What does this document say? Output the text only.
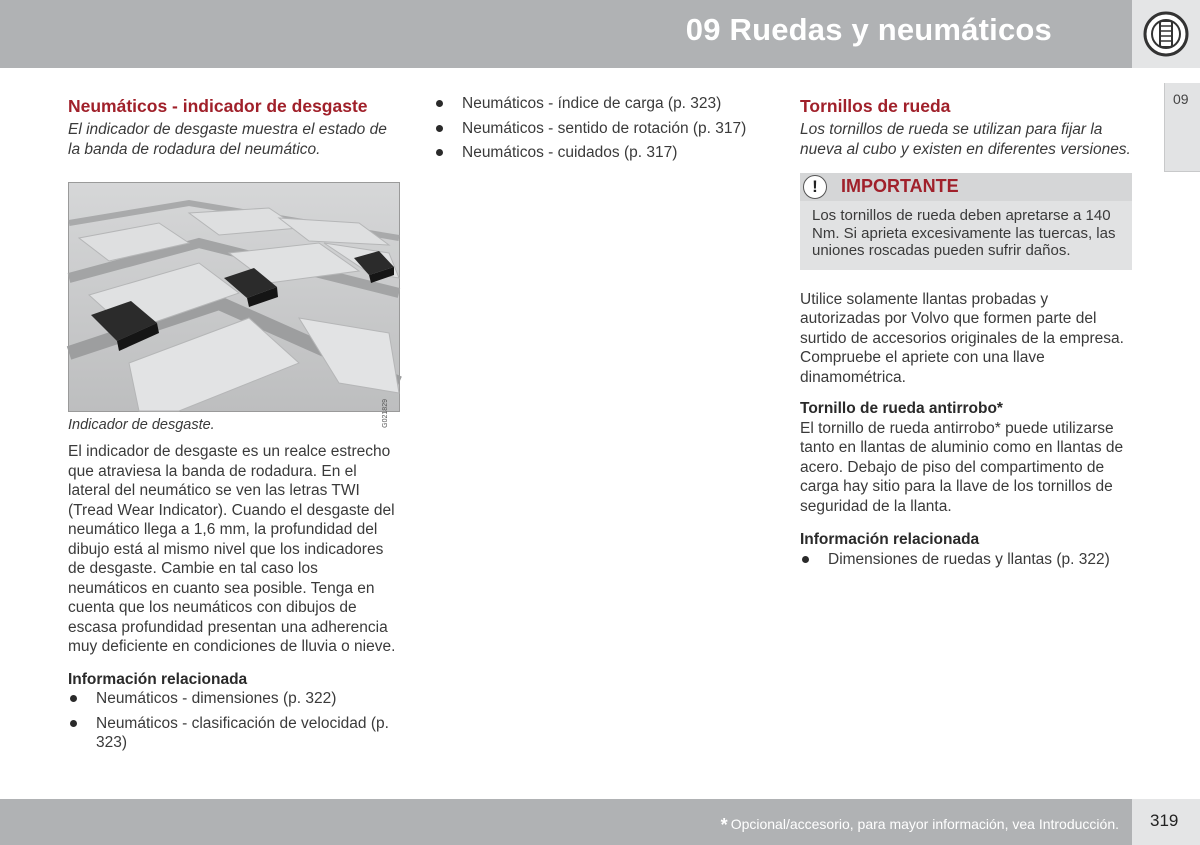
09 Ruedas y neumáticos
09
Neumáticos - indicador de desgaste

El indicador de desgaste muestra el estado de la banda de rodadura del neumático.

G021829

Indicador de desgaste.

El indicador de desgaste es un realce estrecho que atraviesa la banda de rodadura. En el lateral del neumático se ven las letras TWI (Tread Wear Indicator). Cuando el desgaste del neumático llega a 1,6 mm, la profundidad del dibujo está al mismo nivel que los indicadores de desgaste. Cambie en tal caso los neumáticos en cuanto sea posible. Tenga en cuenta que los neumáticos con dibujos de escasa profundidad presentan una adherencia muy deficiente en condiciones de lluvia o nieve.

Información relacionada
Neumáticos - dimensiones (p. 322)
Neumáticos - clasificación de velocidad (p. 323)
Neumáticos - índice de carga (p. 323)
Neumáticos - sentido de rotación (p. 317)
Neumáticos - cuidados (p. 317)
Tornillos de rueda

Los tornillos de rueda se utilizan para fijar la nueva al cubo y existen en diferentes versiones.

!	IMPORTANTE
Los tornillos de rueda deben apretarse a 140 Nm. Si aprieta excesivamente las tuercas, las uniones roscadas pueden sufrir daños.

Utilice solamente llantas probadas y autorizadas por Volvo que formen parte del surtido de accesorios originales de la empresa. Compruebe el apriete con una llave dinamométrica.

Tornillo de rueda antirrobo*

El tornillo de rueda antirrobo* puede utilizarse tanto en llantas de aluminio como en llantas de acero. Debajo de piso del compartimento de carga hay sitio para la llave de los tornillos de seguridad de la llanta.

Información relacionada
Dimensiones de ruedas y llantas (p. 322)
* Opcional/accesorio, para mayor información, vea Introducción. 319
